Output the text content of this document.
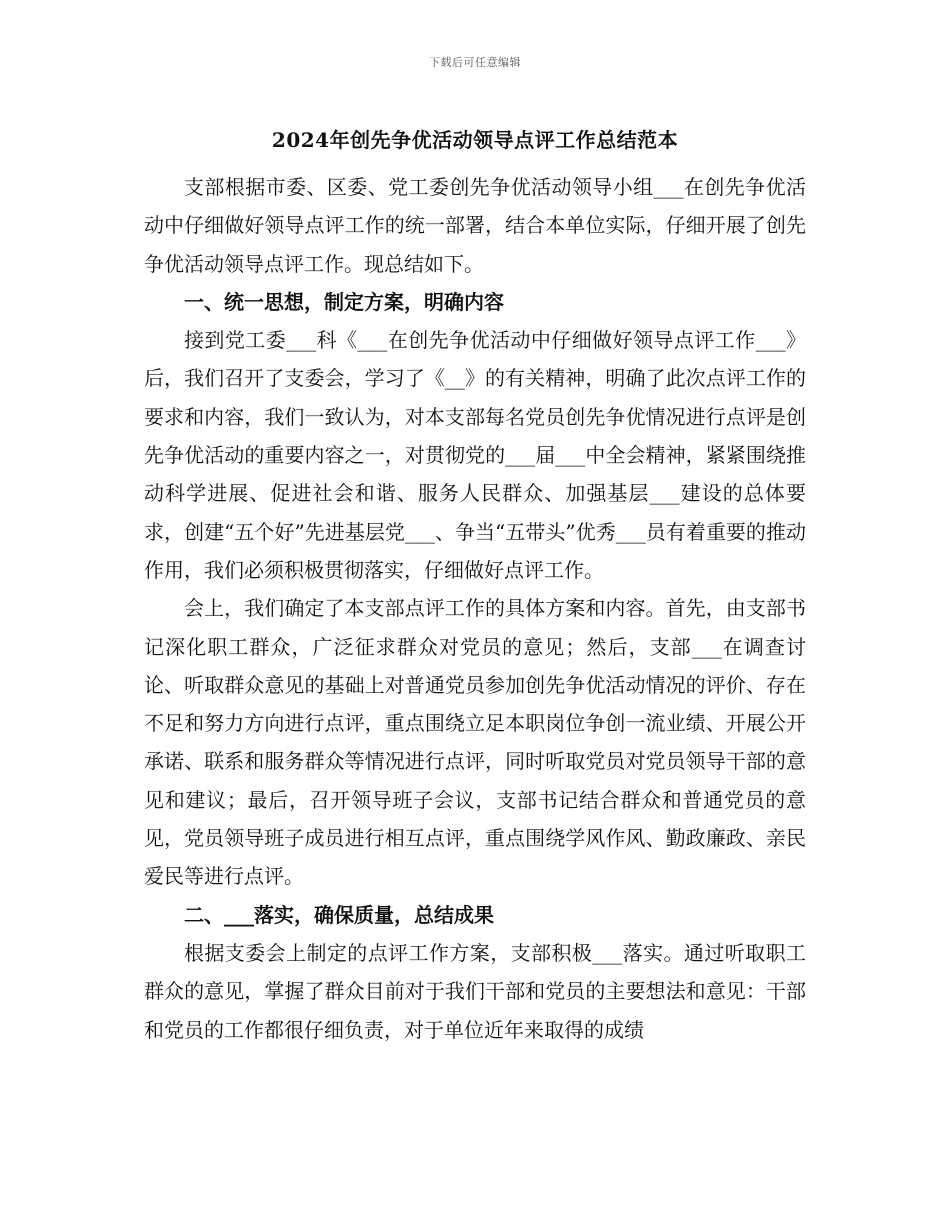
下载后可任意编辑
2024年创先争优活动领导点评工作总结范本

支部根据市委、区委、党工委创先争优活动领导小组___在创先争优活动中仔细做好领导点评工作的统一部署，结合本单位实际，仔细开展了创先争优活动领导点评工作。现总结如下。

一、统一思想，制定方案，明确内容

接到党工委___科《___在创先争优活动中仔细做好领导点评工作___》后，我们召开了支委会，学习了《__》的有关精神，明确了此次点评工作的要求和内容，我们一致认为，对本支部每名党员创先争优情况进行点评是创先争优活动的重要内容之一，对贯彻党的___届___中全会精神，紧紧围绕推动科学进展、促进社会和谐、服务人民群众、加强基层___建设的总体要求，创建“五个好”先进基层党___、争当“五带头”优秀___员有着重要的推动作用，我们必须积极贯彻落实，仔细做好点评工作。

会上，我们确定了本支部点评工作的具体方案和内容。首先，由支部书记深化职工群众，广泛征求群众对党员的意见；然后，支部___在调查讨论、听取群众意见的基础上对普通党员参加创先争优活动情况的评价、存在不足和努力方向进行点评，重点围绕立足本职岗位争创一流业绩、开展公开承诺、联系和服务群众等情况进行点评，同时听取党员对党员领导干部的意见和建议；最后，召开领导班子会议，支部书记结合群众和普通党员的意见，党员领导班子成员进行相互点评，重点围绕学风作风、勤政廉政、亲民爱民等进行点评。

二、___落实，确保质量，总结成果

根据支委会上制定的点评工作方案，支部积极___落实。通过听取职工群众的意见，掌握了群众目前对于我们干部和党员的主要想法和意见：干部和党员的工作都很仔细负责，对于单位近年来取得的成绩
